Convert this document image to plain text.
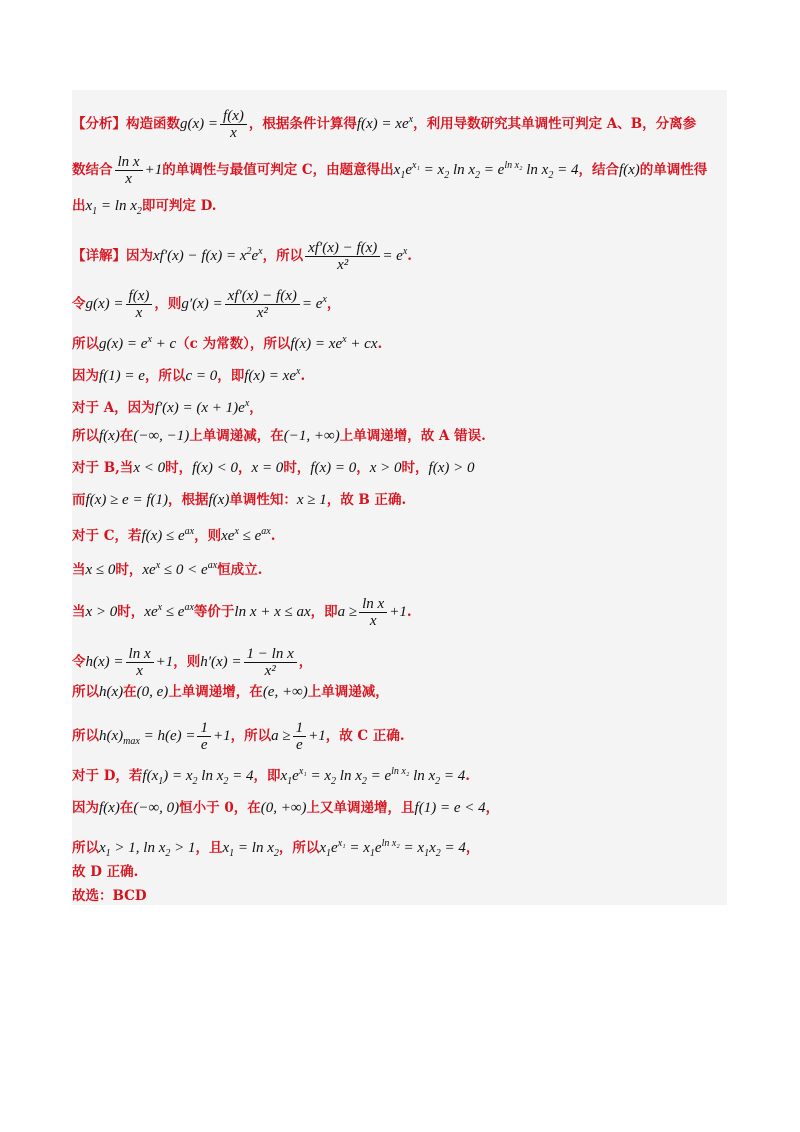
【分析】构造函数$g(x) = \frac{f(x)}{x}$ ，根据条件计算得$f(x) = xe^x$，利用导数研究其单调性可判定 A、B，分离参
数结合 $\frac{\text{ln x}}{x} +1$的单调性与最值可判定 C，由题意得出$x_1e^{x_1} = x_2$ $\ln x_2 = e^{ln x_2}$ $\ln x_2 = 4$，结合f(x)的单调性得
出$x_1 = \ln x_2$即可判定 D.
【详解】因为$xf'(x) - f(x) = x^2e^x$，所以 $\frac{xf'(x) - f(x)}{\text{x²}} = e^x$.
令$g(x) = \frac{f(x)}{x}$ ，则$g'(x) = \frac{xf'(x) - f(x)}{\text{x²}} = e^x$，
所以$g(x) = e^x + c(c$ 为常数），所以$f(x) = xe^x$ + cx.
因为f(1) = e，所以c = 0，即$f(x) = xe^x$.
对于 A，因为$f'(x) = (x + 1)e^x$，
所以f(x)在(−∞, −1)上单调递减，在(−1, +∞)上单调递增，故 A 错误.
对于 B,当x < 0时，f(x) < 0，x = 0时，f(x) = 0，x > 0时，f(x) > 0
而f(x) ≥ e = f(1)，根据f(x)单调性知：x ≥ 1，故 B 正确.
对于 C，若$f(x) \le e^{ax}$，则$xe^x \le e^{ax}$.
当x ≤ 0时，$xe^x \le 0 < e^{ax}$恒成立.
当x > 0时，$xe^x \le e^{ax}$等价于ln x + x ≤ ax，即$a \ge \frac{\text{ln x}}{x} +1$.
令$h(x) = \frac{\text{ln x}}{x} +1$，则$h'(x) = \frac{\text{1 − ln x}}{\text{x²}}$ ，
所以h(x)在(0, e)上单调递增，在(e, +∞)上单调递减，
所以$h(x)_{max} = h(e) = \frac{1}{e} +1$，所以$a \ge \frac{1}{e} +1$，故 C 正确.
对于 D，若$f(x_1) = x_2$ $\ln x_2 = 4$，即$x_1e^{x_1} = x_2$ $\ln x_2 = e^{ln x_2}$ $\ln x_2 = 4$.
因为f(x)在(−∞, 0)恒小于 0，在(0, +∞)上又单调递增，且f(1) = e < 4，
所以$x_1 > 1$, $\ln x_2 > 1$，且$x_1 = \ln x_2$，所以$x_1e^{x_1} = x_1e^{ln x_2} = x_1x_2 = 4$，
故 D 正确.
故选：BCD
